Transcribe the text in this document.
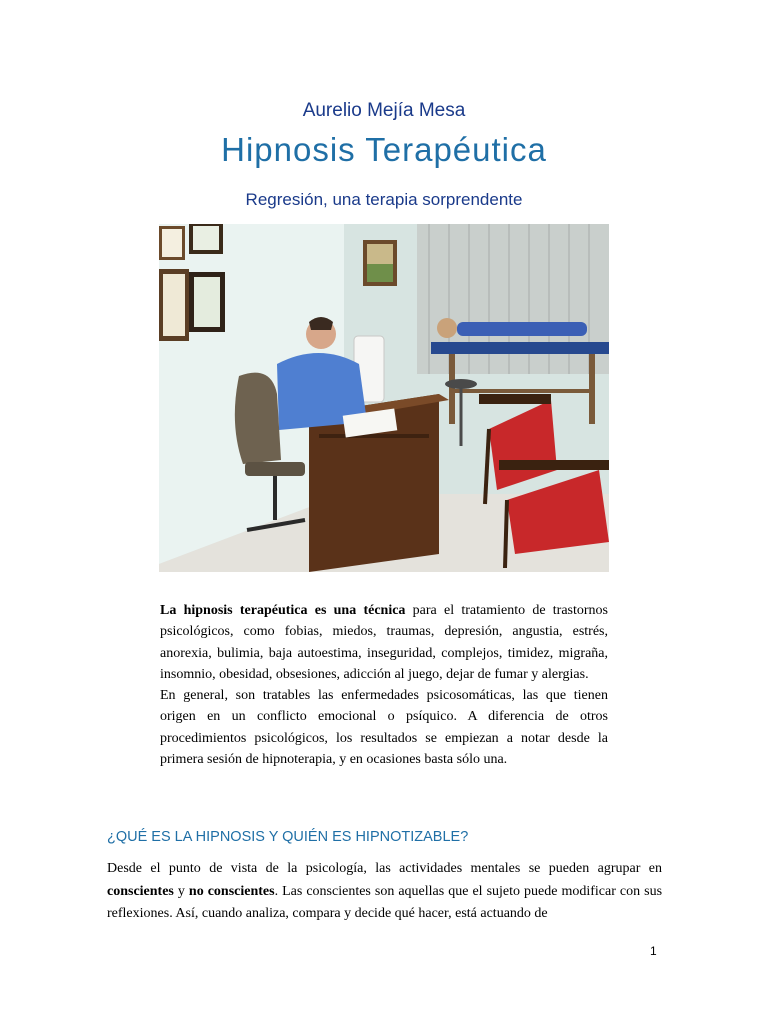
Aurelio Mejía Mesa
Hipnosis Terapéutica
Regresión, una terapia sorprendente

La hipnosis terapéutica es una técnica para el tratamiento de trastornos psicológicos, como fobias, miedos, traumas, depresión, angustia, estrés, anorexia, bulimia, baja autoestima, inseguridad, complejos, timidez, migraña, insomnio, obesidad, obsesiones, adicción al juego, dejar de fumar y alergias.

En general, son tratables las enfermedades psicosomáticas, las que tienen origen en un conflicto emocional o psíquico. A diferencia de otros procedimientos psicológicos, los resultados se empiezan a notar desde la primera sesión de hipnoterapia, y en ocasiones basta sólo una.

¿QUÉ ES LA HIPNOSIS Y QUIÉN ES HIPNOTIZABLE?

Desde el punto de vista de la psicología, las actividades mentales se pueden agrupar en conscientes y no conscientes. Las conscientes son aquellas que el sujeto puede modificar con sus reflexiones. Así, cuando analiza, compara y decide qué hacer, está actuando de

1
